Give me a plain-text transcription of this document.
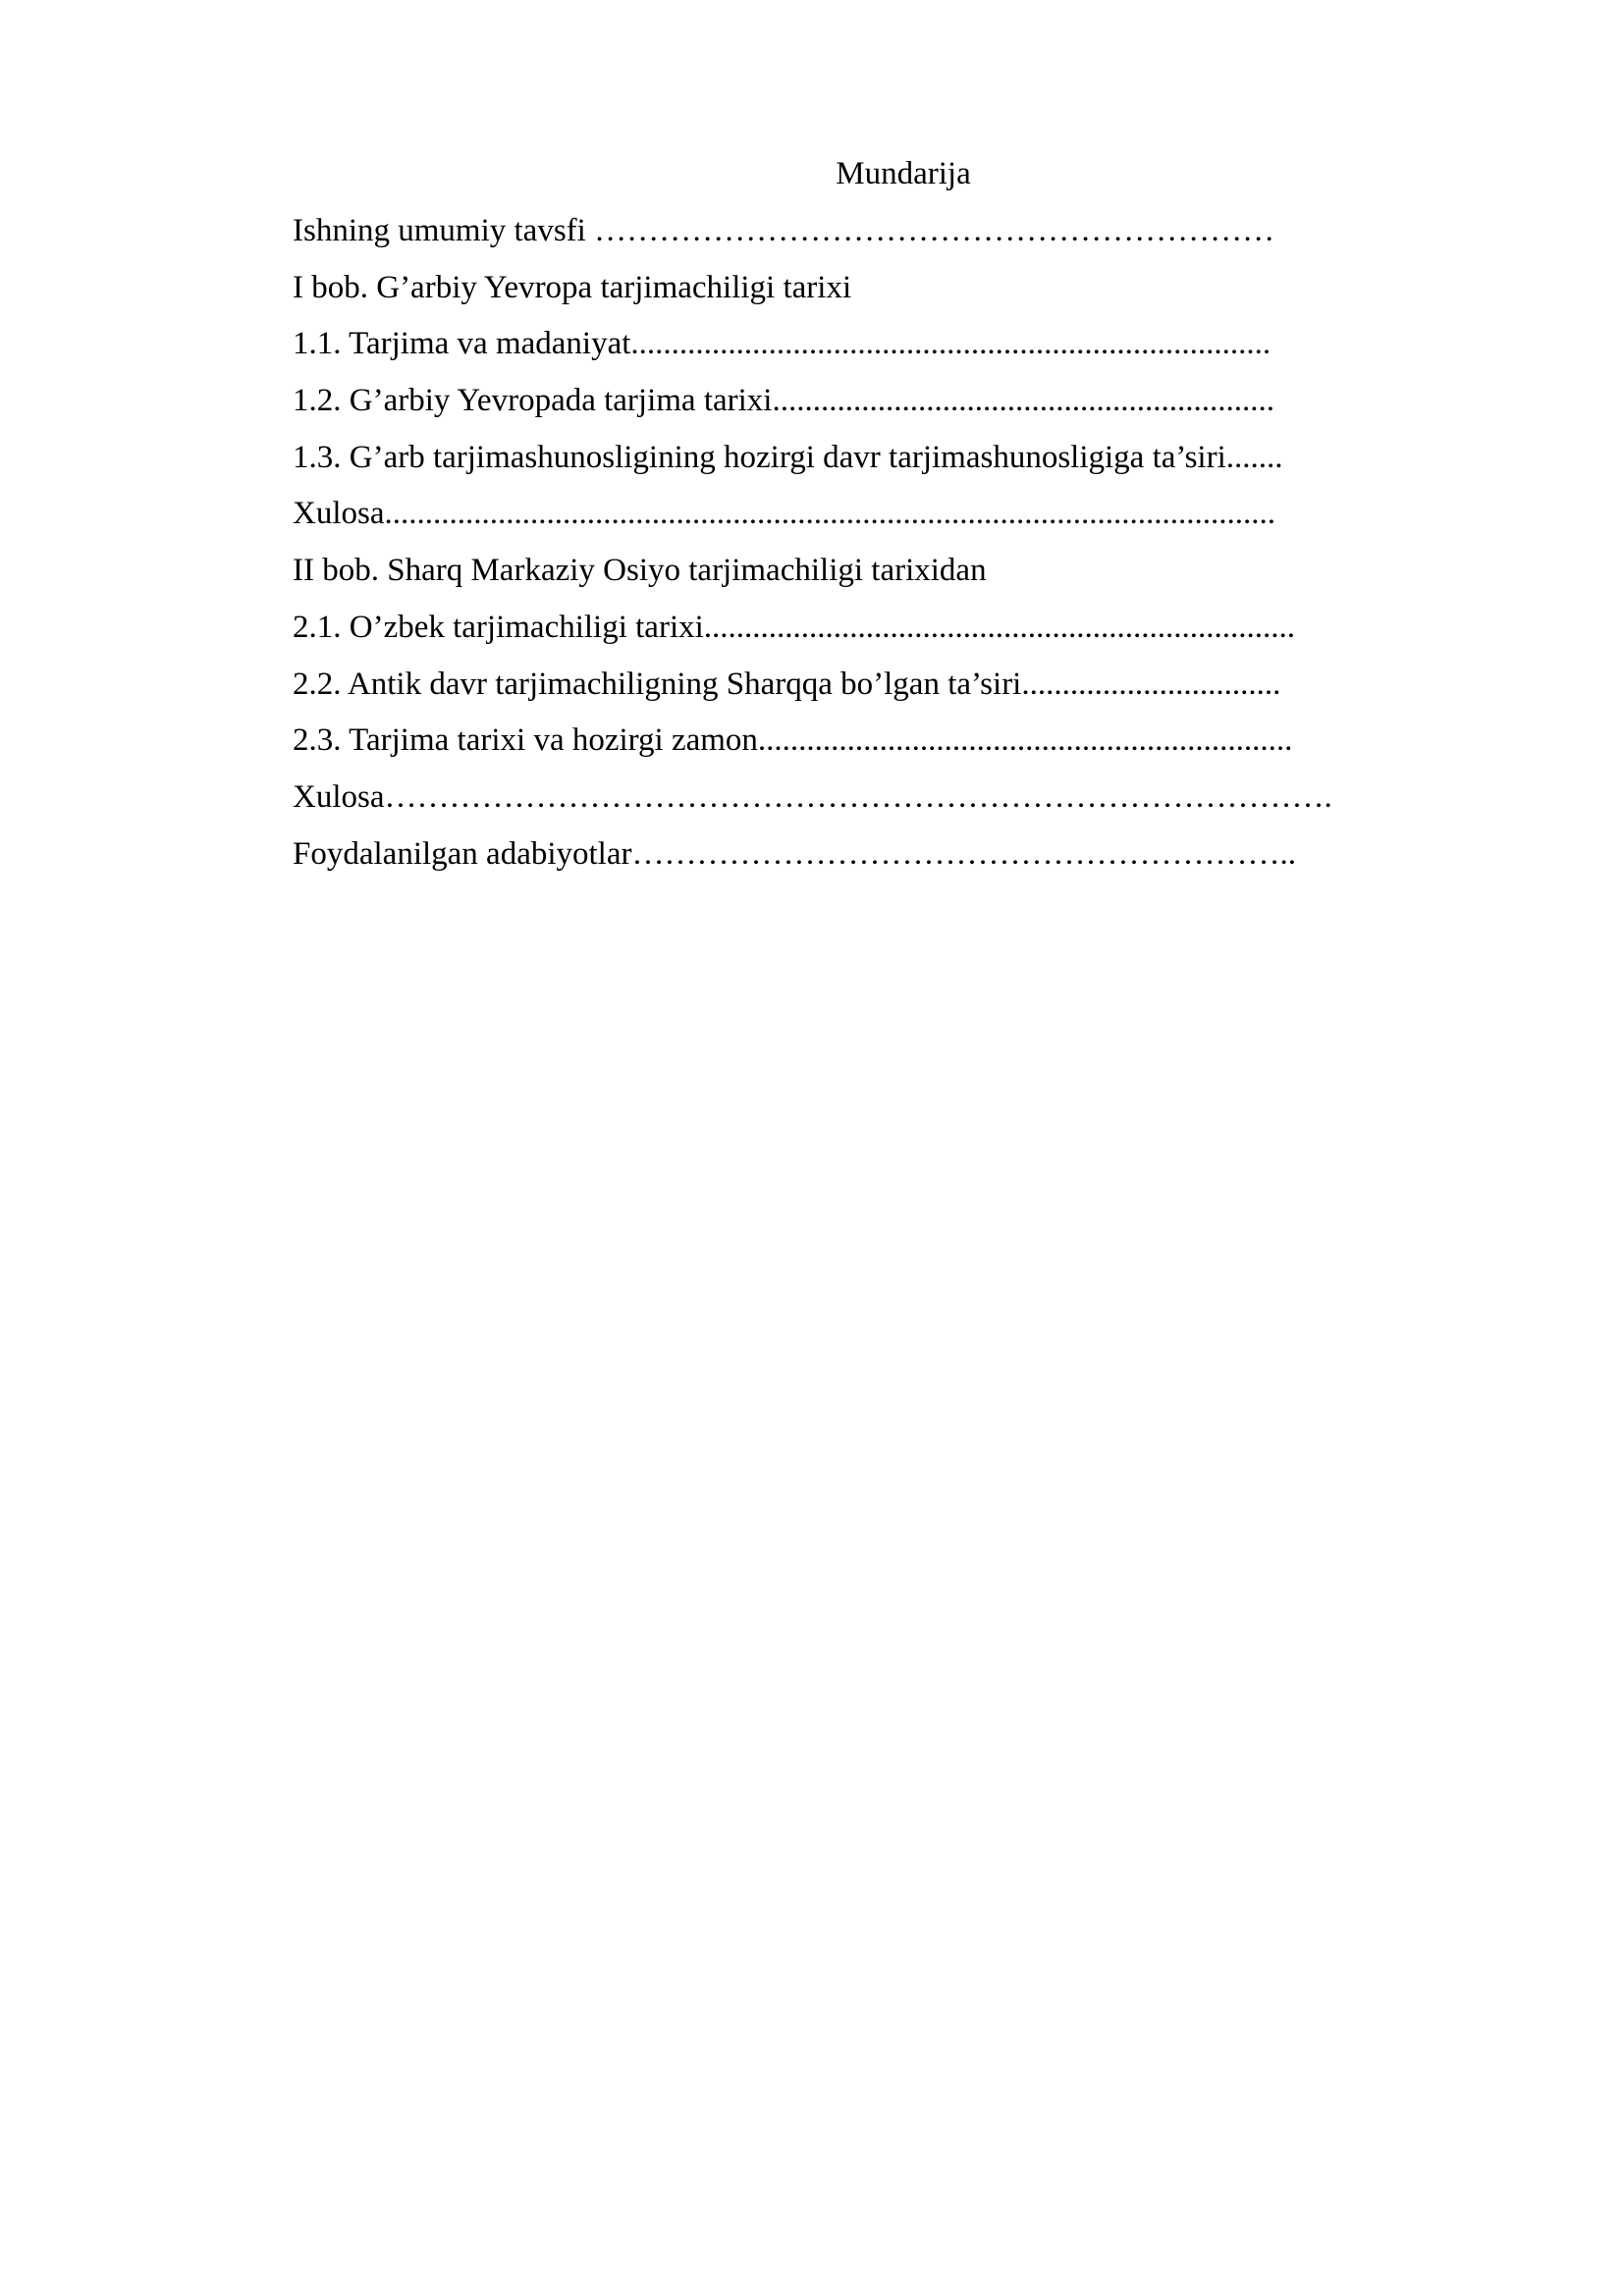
Mundarija
Ishning umumiy tavsfi ………………………………………………………
I bob. G’arbiy Yevropa tarjimachiligi tarixi
1.1. Tarjima va madaniyat...............................................................................
1.2. G’arbiy Yevropada tarjima tarixi..............................................................
1.3. G’arb tarjimashunosligining hozirgi davr tarjimashunosligiga ta’siri.......
Xulosa..............................................................................................................
II bob. Sharq Markaziy Osiyo tarjimachiligi tarixidan
2.1. O’zbek tarjimachiligi tarixi.........................................................................
2.2. Antik davr tarjimachiligning Sharqqa bo’lgan ta’siri................................
2.3. Tarjima tarixi va hozirgi zamon..................................................................
Xulosa…………………………………………………………………………….
Foydalanilgan adabiyotlar……………………………………………………..
